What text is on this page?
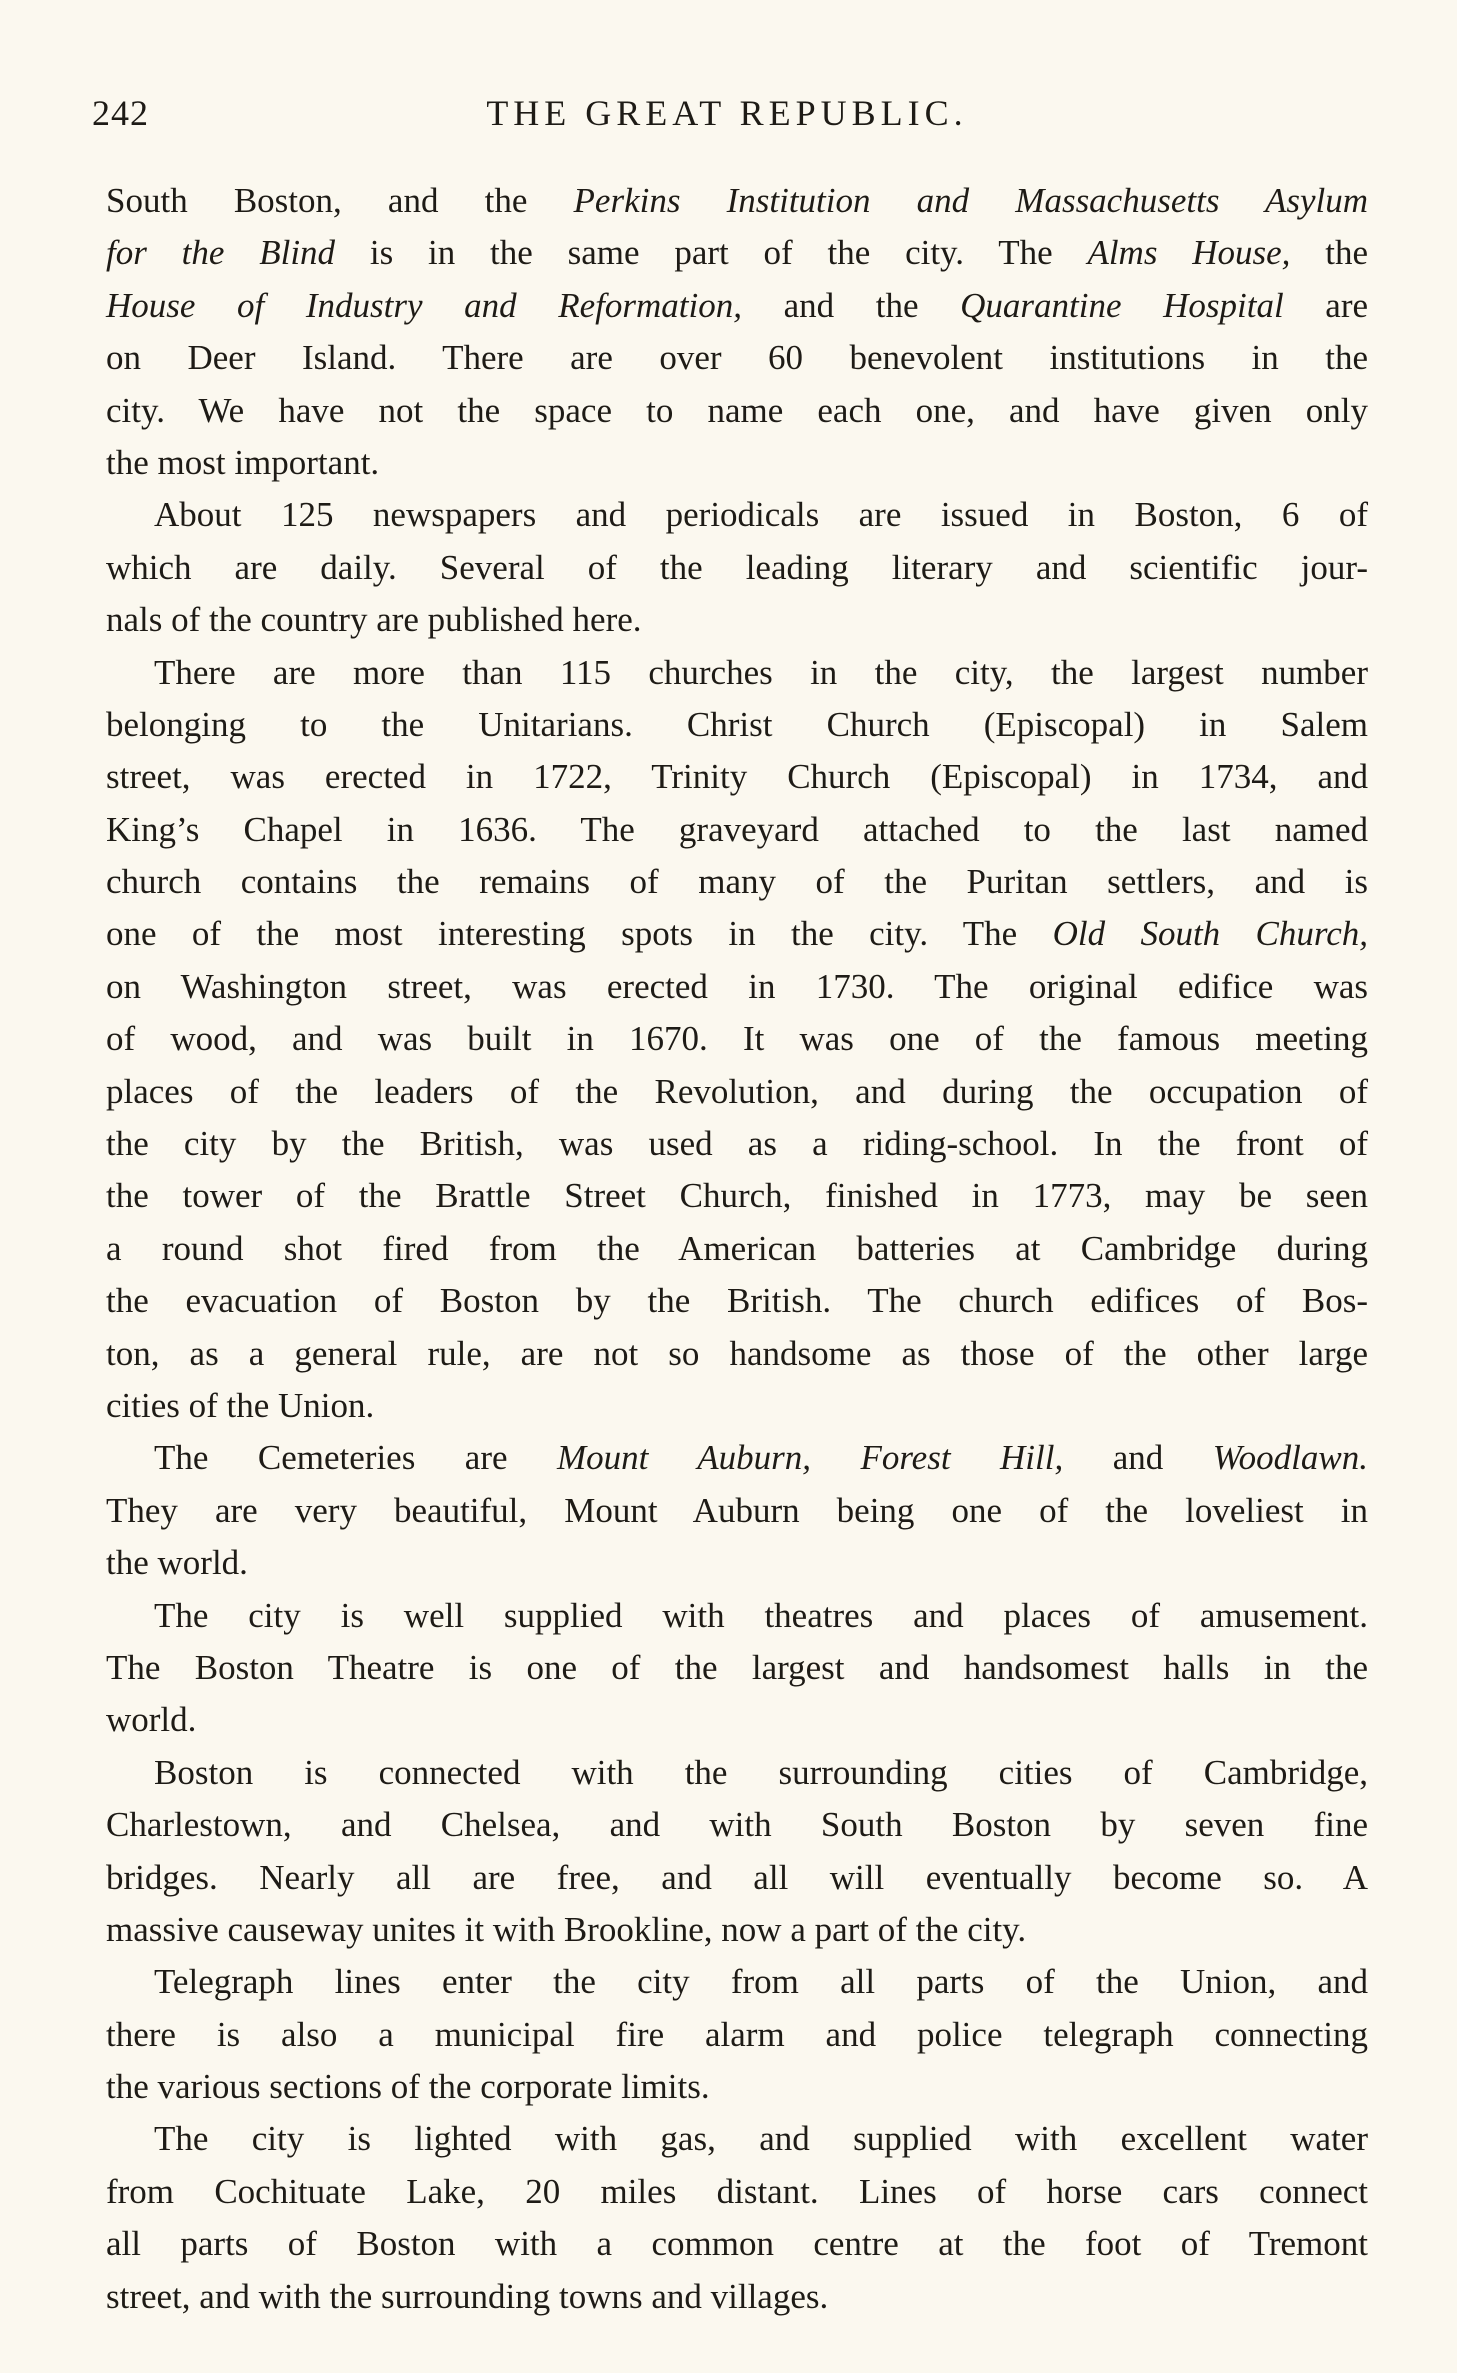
242	THE GREAT REPUBLIC.
South Boston, and the Perkins Institution and Massachusetts Asylum
for the Blind is in the same part of the city. The Alms House, the
House of Industry and Reformation, and the Quarantine Hospital are
on Deer Island. There are over 60 benevolent institutions in the
city. We have not the space to name each one, and have given only
the most important.
About 125 newspapers and periodicals are issued in Boston, 6 of
which are daily. Several of the leading literary and scientific jour-
nals of the country are published here.
There are more than 115 churches in the city, the largest number
belonging to the Unitarians. Christ Church (Episcopal) in Salem
street, was erected in 1722, Trinity Church (Episcopal) in 1734, and
King’s Chapel in 1636. The graveyard attached to the last named
church contains the remains of many of the Puritan settlers, and is
one of the most interesting spots in the city. The Old South Church,
on Washington street, was erected in 1730. The original edifice was
of wood, and was built in 1670. It was one of the famous meeting
places of the leaders of the Revolution, and during the occupation of
the city by the British, was used as a riding-school. In the front of
the tower of the Brattle Street Church, finished in 1773, may be seen
a round shot fired from the American batteries at Cambridge during
the evacuation of Boston by the British. The church edifices of Bos-
ton, as a general rule, are not so handsome as those of the other large
cities of the Union.
The Cemeteries are Mount Auburn, Forest Hill, and Woodlawn.
They are very beautiful, Mount Auburn being one of the loveliest in
the world.
The city is well supplied with theatres and places of amusement.
The Boston Theatre is one of the largest and handsomest halls in the
world.
Boston is connected with the surrounding cities of Cambridge,
Charlestown, and Chelsea, and with South Boston by seven fine
bridges. Nearly all are free, and all will eventually become so. A
massive causeway unites it with Brookline, now a part of the city.
Telegraph lines enter the city from all parts of the Union, and
there is also a municipal fire alarm and police telegraph connecting
the various sections of the corporate limits.
The city is lighted with gas, and supplied with excellent water
from Cochituate Lake, 20 miles distant. Lines of horse cars connect
all parts of Boston with a common centre at the foot of Tremont
street, and with the surrounding towns and villages.
